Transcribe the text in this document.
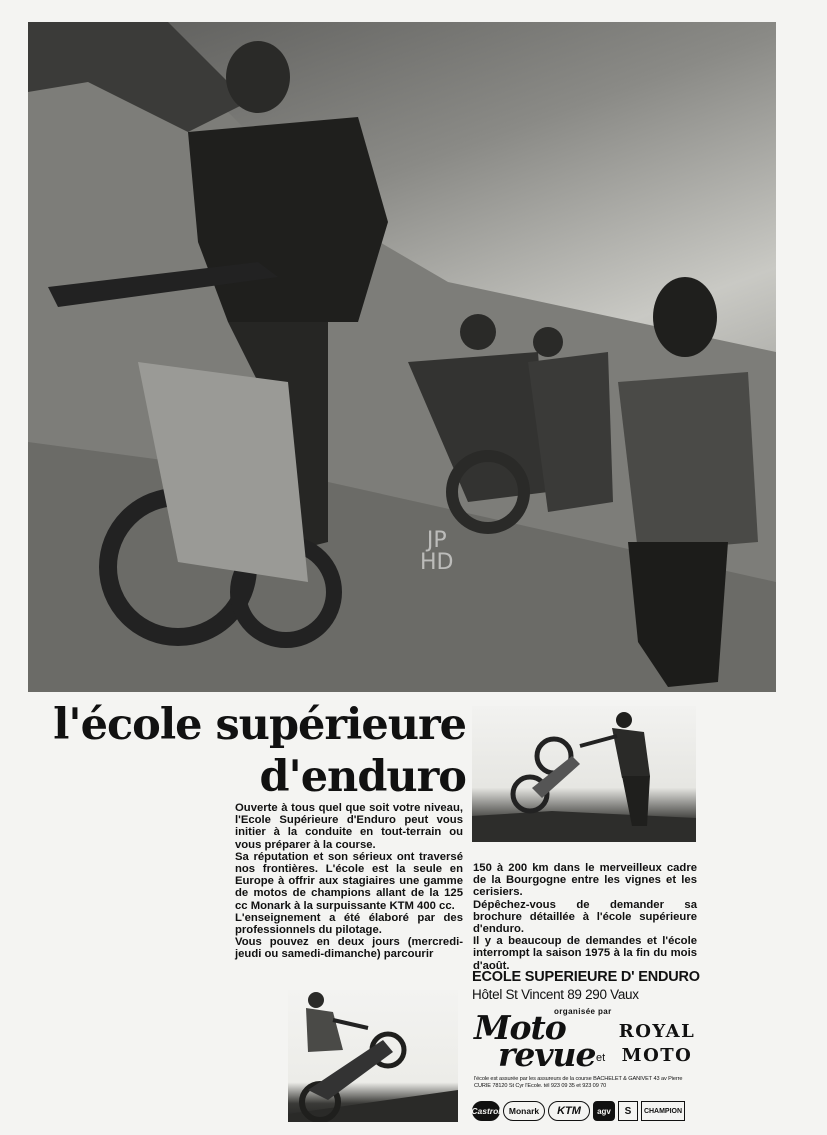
JP
HD
l'école supérieure
d'enduro

Ouverte à tous quel que soit votre niveau, l'Ecole Supérieure d'Enduro peut vous initier à la conduite en tout-terrain ou vous préparer à la course.

Sa réputation et son sérieux ont traversé nos frontières. L'école est la seule en Europe à offrir aux stagiaires une gamme de motos de champions allant de la 125 cc Monark à la surpuissante KTM 400 cc.

L'enseignement a été élaboré par des professionnels du pilotage.

Vous pouvez en deux jours (mercredi-jeudi ou samedi-dimanche) parcourir

150 à 200 km dans le merveilleux cadre de la Bourgogne entre les vignes et les cerisiers.

Dépêchez-vous de demander sa brochure détaillée à l'école supérieure d'enduro.

Il y a beaucoup de demandes et l'école interrompt la saison 1975 à la fin du mois d'août.

ECOLE SUPERIEURE D' ENDURO
Hôtel St Vincent 89 290 Vaux
organisée par
Moto
revue et
ROYAL
MOTO
l'école est assurée par les assureurs de la course BACHELET & GANIVET 43 av Pierre CURIE 78120 St Cyr l'Ecole. tél 923 09 35 et 923 09 70
Castrol Monark	KTM	agv	S	CHAMPION
